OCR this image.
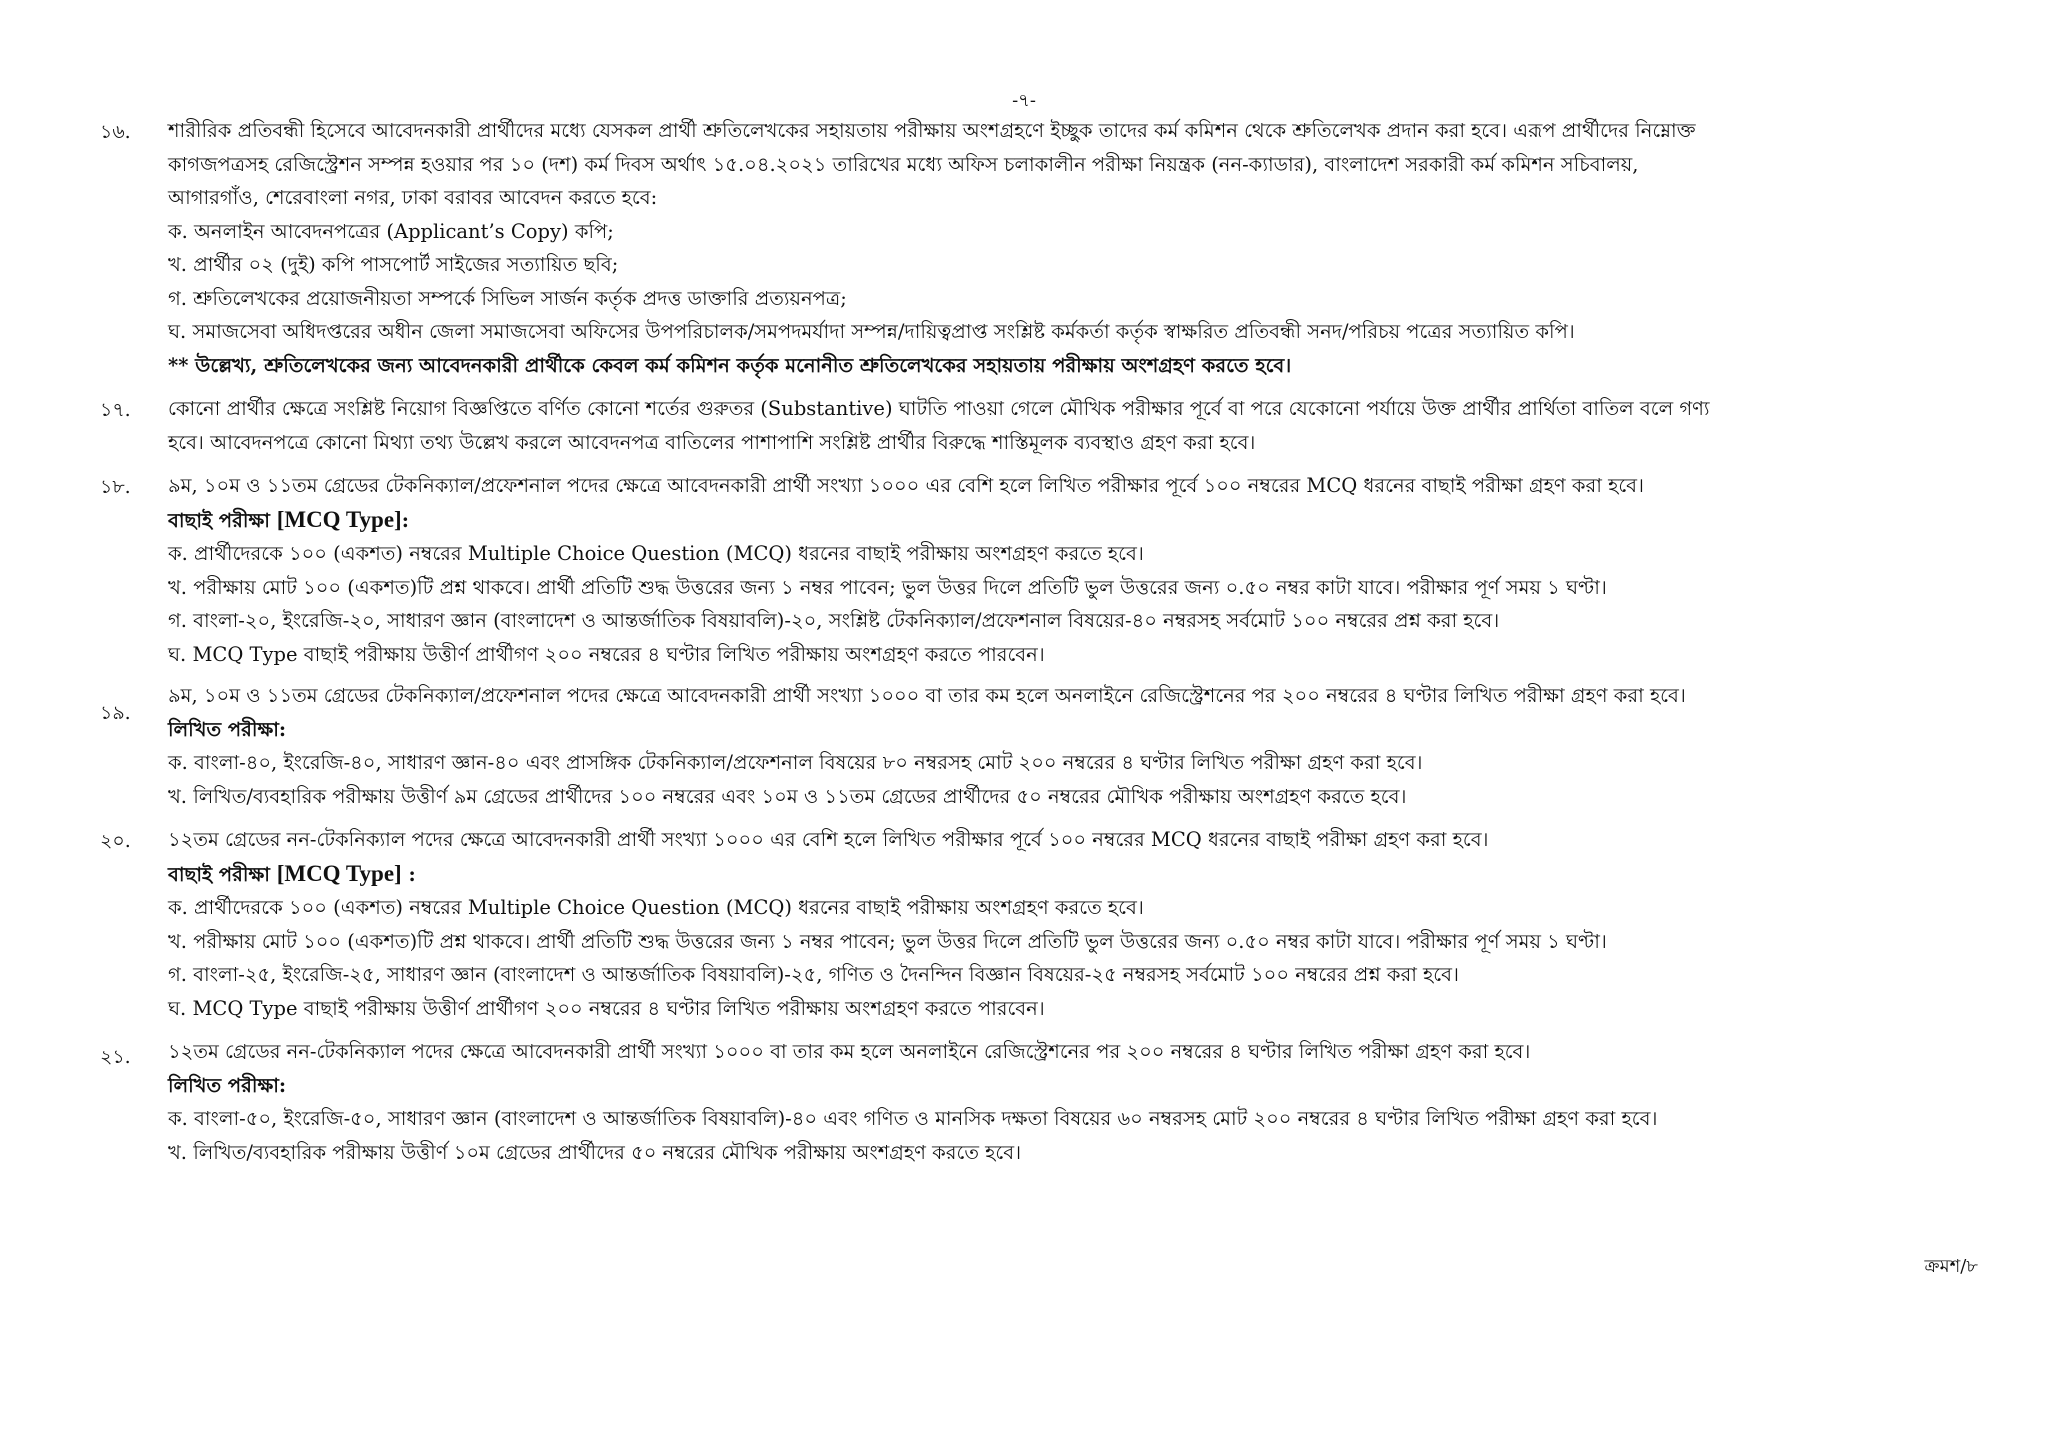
-৭-
১৬.	শারীরিক প্রতিবন্ধী হিসেবে আবেদনকারী প্রার্থীদের মধ্যে যেসকল প্রার্থী শ্রুতিলেখকের সহায়তায় পরীক্ষায় অংশগ্রহণে ইচ্ছুক তাদের কর্ম কমিশন থেকে শ্রুতিলেখক প্রদান করা হবে। এরূপ প্রার্থীদের নিম্নোক্ত
কাগজপত্রসহ রেজিস্ট্রেশন সম্পন্ন হওয়ার পর ১০ (দশ) কর্ম দিবস অর্থাৎ ১৫.০৪.২০২১ তারিখের মধ্যে অফিস চলাকালীন পরীক্ষা নিয়ন্ত্রক (নন-ক্যাডার), বাংলাদেশ সরকারী কর্ম কমিশন সচিবালয়,
আগারগাঁও, শেরেবাংলা নগর, ঢাকা বরাবর আবেদন করতে হবে:
ক. অনলাইন আবেদনপত্রের (Applicant’s Copy) কপি;
খ. প্রার্থীর ০২ (দুই) কপি পাসপোর্ট সাইজের সত্যায়িত ছবি;
গ. শ্রুতিলেখকের প্রয়োজনীয়তা সম্পর্কে সিভিল সার্জন কর্তৃক প্রদত্ত ডাক্তারি প্রত্যয়নপত্র;
ঘ. সমাজসেবা অধিদপ্তরের অধীন জেলা সমাজসেবা অফিসের উপপরিচালক/সমপদমর্যাদা সম্পন্ন/দায়িত্বপ্রাপ্ত সংশ্লিষ্ট কর্মকর্তা কর্তৃক স্বাক্ষরিত প্রতিবন্ধী সনদ/পরিচয় পত্রের সত্যায়িত কপি।
** উল্লেখ্য, শ্রুতিলেখকের জন্য আবেদনকারী প্রার্থীকে কেবল কর্ম কমিশন কর্তৃক মনোনীত শ্রুতিলেখকের সহায়তায় পরীক্ষায় অংশগ্রহণ করতে হবে।
১৭.	কোনো প্রার্থীর ক্ষেত্রে সংশ্লিষ্ট নিয়োগ বিজ্ঞপ্তিতে বর্ণিত কোনো শর্তের গুরুতর (Substantive) ঘাটতি পাওয়া গেলে মৌখিক পরীক্ষার পূর্বে বা পরে যেকোনো পর্যায়ে উক্ত প্রার্থীর প্রার্থিতা বাতিল বলে গণ্য
হবে। আবেদনপত্রে কোনো মিথ্যা তথ্য উল্লেখ করলে আবেদনপত্র বাতিলের পাশাপাশি সংশ্লিষ্ট প্রার্থীর বিরুদ্ধে শাস্তিমূলক ব্যবস্থাও গ্রহণ করা হবে।
১৮.	৯ম, ১০ম ও ১১তম গ্রেডের টেকনিক্যাল/প্রফেশনাল পদের ক্ষেত্রে আবেদনকারী প্রার্থী সংখ্যা ১০০০ এর বেশি হলে লিখিত পরীক্ষার পূর্বে ১০০ নম্বরের MCQ ধরনের বাছাই পরীক্ষা গ্রহণ করা হবে।
বাছাই পরীক্ষা [MCQ Type]:
ক. প্রার্থীদেরকে ১০০ (একশত) নম্বরের Multiple Choice Question (MCQ) ধরনের বাছাই পরীক্ষায় অংশগ্রহণ করতে হবে।
খ. পরীক্ষায় মোট ১০০ (একশত)টি প্রশ্ন থাকবে। প্রার্থী প্রতিটি শুদ্ধ উত্তরের জন্য ১ নম্বর পাবেন; ভুল উত্তর দিলে প্রতিটি ভুল উত্তরের জন্য ০.৫০ নম্বর কাটা যাবে। পরীক্ষার পূর্ণ সময় ১ ঘণ্টা।
গ. বাংলা-২০, ইংরেজি-২০, সাধারণ জ্ঞান (বাংলাদেশ ও আন্তর্জাতিক বিষয়াবলি)-২০, সংশ্লিষ্ট টেকনিক্যাল/প্রফেশনাল বিষয়ের-৪০ নম্বরসহ সর্বমোট ১০০ নম্বরের প্রশ্ন করা হবে।
ঘ. MCQ Type বাছাই পরীক্ষায় উত্তীর্ণ প্রার্থীগণ ২০০ নম্বরের ৪ ঘণ্টার লিখিত পরীক্ষায় অংশগ্রহণ করতে পারবেন।
১৯.
৯ম, ১০ম ও ১১তম গ্রেডের টেকনিক্যাল/প্রফেশনাল পদের ক্ষেত্রে আবেদনকারী প্রার্থী সংখ্যা ১০০০ বা তার কম হলে অনলাইনে রেজিস্ট্রেশনের পর ২০০ নম্বরের ৪ ঘণ্টার লিখিত পরীক্ষা গ্রহণ করা হবে।
লিখিত পরীক্ষা:
ক. বাংলা-৪০, ইংরেজি-৪০, সাধারণ জ্ঞান-৪০ এবং প্রাসঙ্গিক টেকনিক্যাল/প্রফেশনাল বিষয়ের ৮০ নম্বরসহ মোট ২০০ নম্বরের ৪ ঘণ্টার লিখিত পরীক্ষা গ্রহণ করা হবে।
খ. লিখিত/ব্যবহারিক পরীক্ষায় উত্তীর্ণ ৯ম গ্রেডের প্রার্থীদের ১০০ নম্বরের এবং ১০ম ও ১১তম গ্রেডের প্রার্থীদের ৫০ নম্বরের মৌখিক পরীক্ষায় অংশগ্রহণ করতে হবে।
২০.	১২তম গ্রেডের নন-টেকনিক্যাল পদের ক্ষেত্রে আবেদনকারী প্রার্থী সংখ্যা ১০০০ এর বেশি হলে লিখিত পরীক্ষার পূর্বে ১০০ নম্বরের MCQ ধরনের বাছাই পরীক্ষা গ্রহণ করা হবে।
বাছাই পরীক্ষা [MCQ Type] :
ক. প্রার্থীদেরকে ১০০ (একশত) নম্বরের Multiple Choice Question (MCQ) ধরনের বাছাই পরীক্ষায় অংশগ্রহণ করতে হবে।
খ. পরীক্ষায় মোট ১০০ (একশত)টি প্রশ্ন থাকবে। প্রার্থী প্রতিটি শুদ্ধ উত্তরের জন্য ১ নম্বর পাবেন; ভুল উত্তর দিলে প্রতিটি ভুল উত্তরের জন্য ০.৫০ নম্বর কাটা যাবে। পরীক্ষার পূর্ণ সময় ১ ঘণ্টা।
গ. বাংলা-২৫, ইংরেজি-২৫, সাধারণ জ্ঞান (বাংলাদেশ ও আন্তর্জাতিক বিষয়াবলি)-২৫, গণিত ও দৈনন্দিন বিজ্ঞান বিষয়ের-২৫ নম্বরসহ সর্বমোট ১০০ নম্বরের প্রশ্ন করা হবে।
ঘ. MCQ Type বাছাই পরীক্ষায় উত্তীর্ণ প্রার্থীগণ ২০০ নম্বরের ৪ ঘণ্টার লিখিত পরীক্ষায় অংশগ্রহণ করতে পারবেন।
২১.	১২তম গ্রেডের নন-টেকনিক্যাল পদের ক্ষেত্রে আবেদনকারী প্রার্থী সংখ্যা ১০০০ বা তার কম হলে অনলাইনে রেজিস্ট্রেশনের পর ২০০ নম্বরের ৪ ঘণ্টার লিখিত পরীক্ষা গ্রহণ করা হবে।
লিখিত পরীক্ষা:
ক. বাংলা-৫০, ইংরেজি-৫০, সাধারণ জ্ঞান (বাংলাদেশ ও আন্তর্জাতিক বিষয়াবলি)-৪০ এবং গণিত ও মানসিক দক্ষতা বিষয়ের ৬০ নম্বরসহ মোট ২০০ নম্বরের ৪ ঘণ্টার লিখিত পরীক্ষা গ্রহণ করা হবে।
খ. লিখিত/ব্যবহারিক পরীক্ষায় উত্তীর্ণ ১০ম গ্রেডের প্রার্থীদের ৫০ নম্বরের মৌখিক পরীক্ষায় অংশগ্রহণ করতে হবে।
ক্রমশ/৮
